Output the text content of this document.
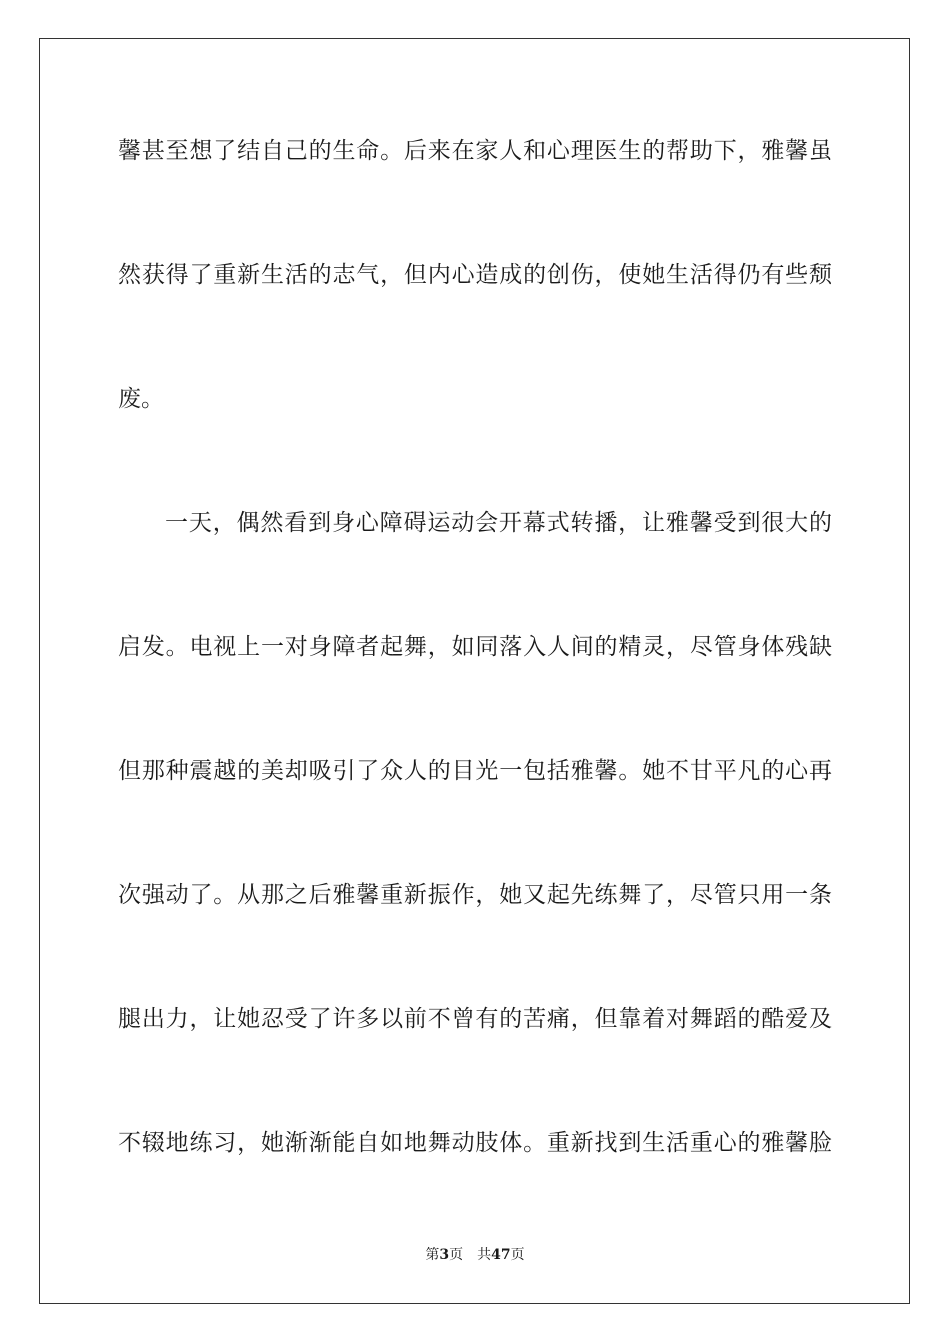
馨甚至想了结自己的生命。后来在家人和心理医生的帮助下，雅馨虽
然获得了重新生活的志气，但内心造成的创伤，使她生活得仍有些颓
废。
一天，偶然看到身心障碍运动会开幕式转播，让雅馨受到很大的
启发。电视上一对身障者起舞，如同落入人间的精灵，尽管身体残缺
但那种震越的美却吸引了众人的目光一包括雅馨。她不甘平凡的心再
次强动了。从那之后雅馨重新振作，她又起先练舞了，尽管只用一条
腿出力，让她忍受了许多以前不曾有的苦痛，但靠着对舞蹈的酷爱及
不辍地练习，她渐渐能自如地舞动肢体。重新找到生活重心的雅馨脸
第3页 共47页
